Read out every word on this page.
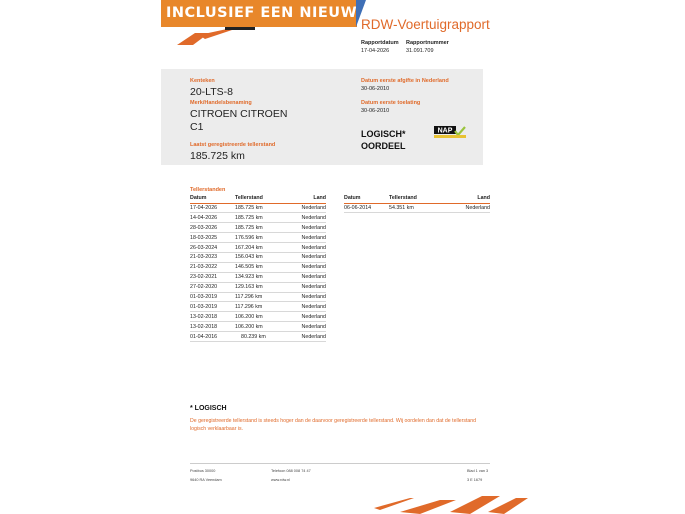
INCLUSIEF EEN NIEUWE APK
RDW-Voertuigrapport
Rapportdatum
17-04-2026
Rapportnummer
31.091.709
Kenteken
20-LTS-8
Merk/Handelsbenaming
CITROEN CITROEN
C1
Laatst geregistreerde tellerstand
185.725 km
Datum eerste afgifte in Nederland
30-06-2010
Datum eerste toelating
30-06-2010
LOGISCH*
OORDEEL
NAP
Tellerstanden
Datum	Tellerstand	Land
17-04-2026	185.725 km	Nederland
14-04-2026	185.725 km	Nederland
28-03-2026	185.725 km	Nederland
18-03-2025	176.596 km	Nederland
26-03-2024	167.204 km	Nederland
21-03-2023	156.043 km	Nederland
21-03-2022	146.505 km	Nederland
23-02-2021	134.923 km	Nederland
27-02-2020	129.163 km	Nederland
01-03-2019	117.296 km	Nederland
01-03-2019	117.296 km	Nederland
13-02-2018	106.200 km	Nederland
13-02-2018	106.200 km	Nederland
01-04-2016	80.239 km	Nederland
Datum	Tellerstand	Land
06-06-2014	54.351 km	Nederland
* LOGISCH
De geregistreerde tellerstand is steeds hoger dan de daarvoor geregistreerde tellerstand. Wij oordelen dan dat de tellerstand logisch verklaarbaar is.
Postbus 30000
9640 RA Veendam
Telefoon 088 008 74 47
www.rdw.nl
Blad 1 van 3
3 E 1679
